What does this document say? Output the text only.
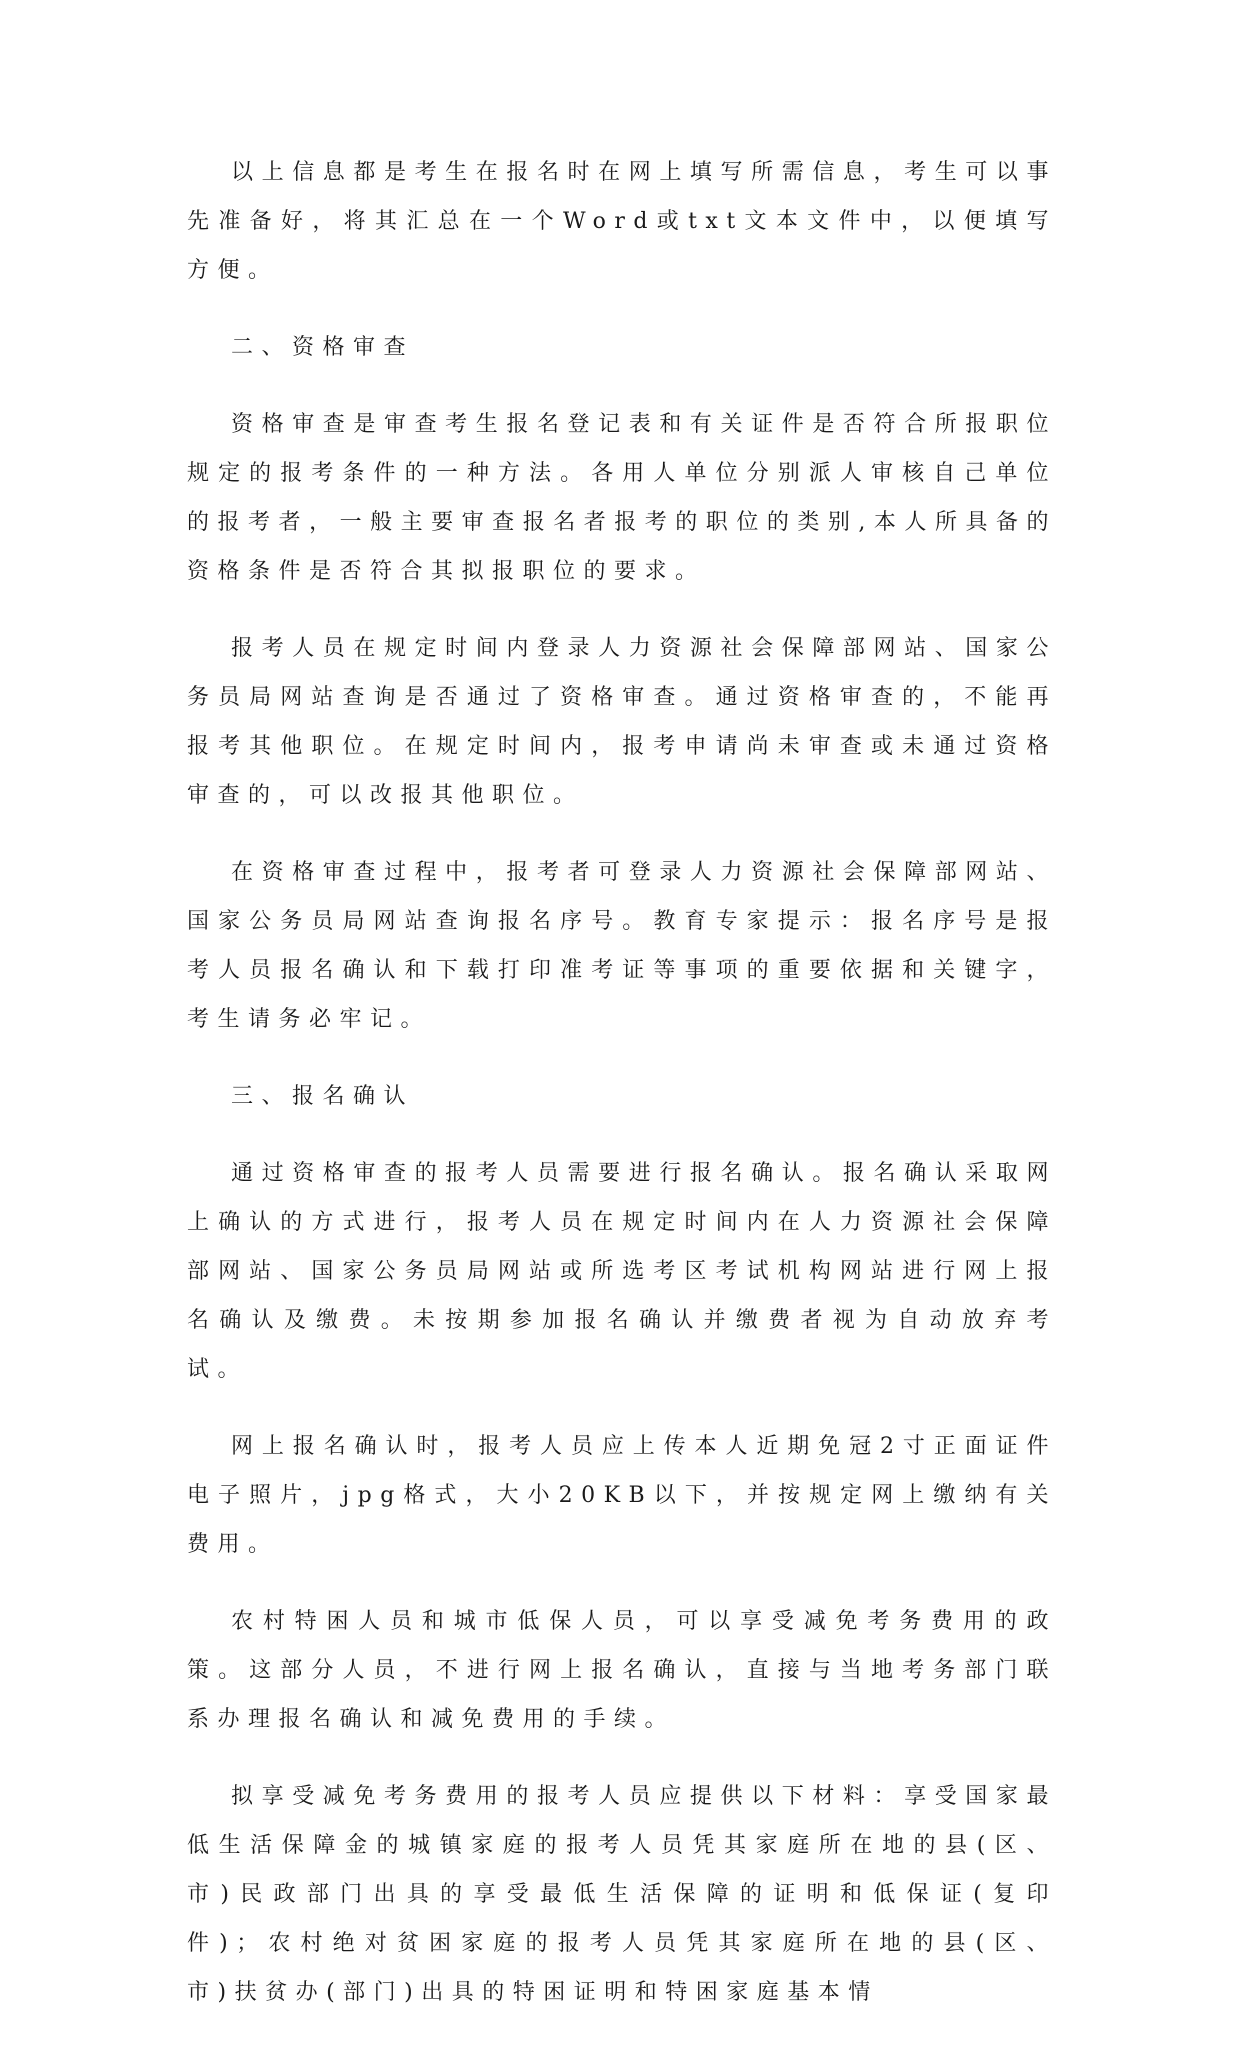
以上信息都是考生在报名时在网上填写所需信息，考生可以事先准备好，将其汇总在一个Word或txt文本文件中，以便填写方便。

二、资格审查

资格审查是审查考生报名登记表和有关证件是否符合所报职位规定的报考条件的一种方法。各用人单位分别派人审核自己单位的报考者，一般主要审查报名者报考的职位的类别,本人所具备的资格条件是否符合其拟报职位的要求。

报考人员在规定时间内登录人力资源社会保障部网站、国家公务员局网站查询是否通过了资格审查。通过资格审查的，不能再报考其他职位。在规定时间内，报考申请尚未审查或未通过资格审查的，可以改报其他职位。

在资格审查过程中，报考者可登录人力资源社会保障部网站、国家公务员局网站查询报名序号。教育专家提示：报名序号是报考人员报名确认和下载打印准考证等事项的重要依据和关键字，考生请务必牢记。

三、报名确认

通过资格审查的报考人员需要进行报名确认。报名确认采取网上确认的方式进行，报考人员在规定时间内在人力资源社会保障部网站、国家公务员局网站或所选考区考试机构网站进行网上报名确认及缴费。未按期参加报名确认并缴费者视为自动放弃考试。

网上报名确认时，报考人员应上传本人近期免冠2寸正面证件电子照片，jpg格式，大小20KB以下，并按规定网上缴纳有关费用。

农村特困人员和城市低保人员，可以享受减免考务费用的政策。这部分人员，不进行网上报名确认，直接与当地考务部门联系办理报名确认和减免费用的手续。

拟享受减免考务费用的报考人员应提供以下材料：享受国家最低生活保障金的城镇家庭的报考人员凭其家庭所在地的县(区、市)民政部门出具的享受最低生活保障的证明和低保证(复印件)；农村绝对贫困家庭的报考人员凭其家庭所在地的县(区、市)扶贫办(部门)出具的特困证明和特困家庭基本情
